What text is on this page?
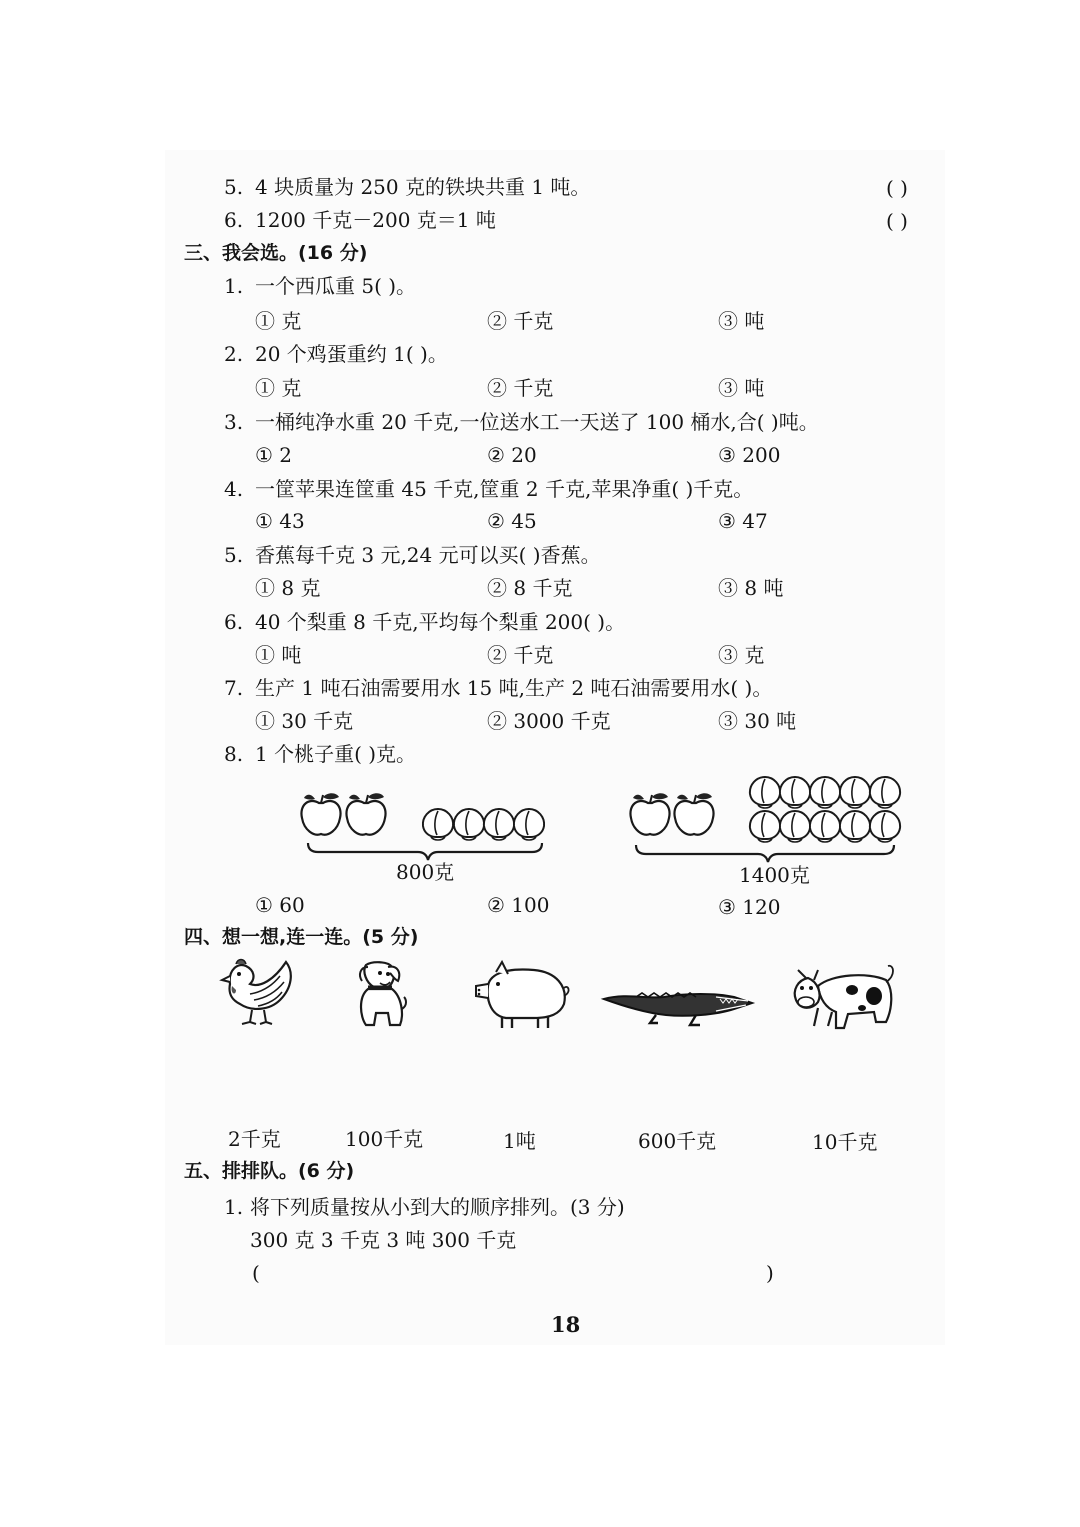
5. 4 块质量为 250 克的铁块共重 1 吨。	( )
6. 1200 千克－200 克＝1 吨	( )
三、我会选。(16 分)
1. 一个西瓜重 5( )。
① 克	② 千克	③ 吨
2. 20 个鸡蛋重约 1( )。
① 克	② 千克	③ 吨
3. 一桶纯净水重 20 千克,一位送水工一天送了 100 桶水,合( )吨。
① 2	② 20	③ 200
4. 一筐苹果连筐重 45 千克,筐重 2 千克,苹果净重( )千克。
① 43	② 45	③ 47
5. 香蕉每千克 3 元,24 元可以买( )香蕉。
① 8 克	② 8 千克	③ 8 吨
6. 40 个梨重 8 千克,平均每个梨重 200( )。
① 吨	② 千克	③ 克
7. 生产 1 吨石油需要用水 15 吨,生产 2 吨石油需要用水( )。
① 30 千克	② 3000 千克	③ 30 吨
8. 1 个桃子重( )克。
800克	1400克
① 60	② 100	③ 120
四、想一想,连一连。(5 分)
2千克	100千克	1吨	600千克	10千克
五、排排队。(6 分)
1. 将下列质量按从小到大的顺序排列。(3 分)
300 克 3 千克 3 吨 300 千克
(	)
18
